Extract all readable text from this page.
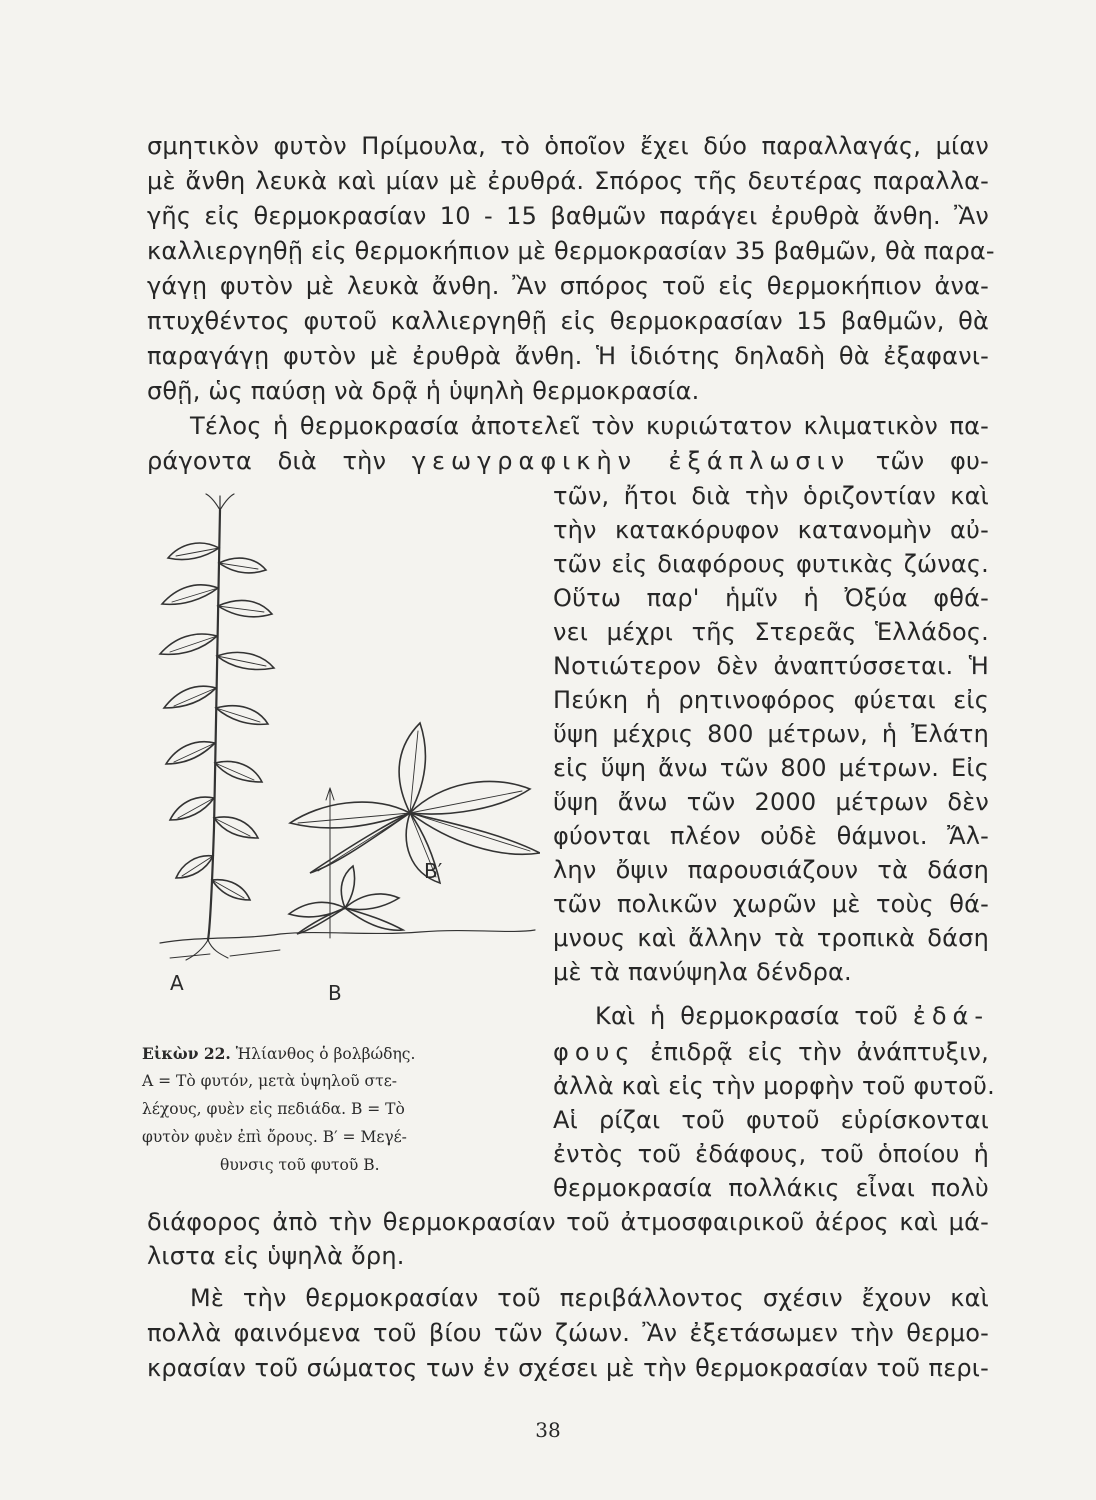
σμητικὸν φυτὸν Πρίμουλα, τὸ ὁποῖον ἔχει δύο παραλλαγάς, μίαν
μὲ ἄνθη λευκὰ καὶ μίαν μὲ ἐρυθρά. Σπόρος τῆς δευτέρας παραλλα-
γῆς εἰς θερμοκρασίαν 10 - 15 βαθμῶν παράγει ἐρυθρὰ ἄνθη. Ἂν
καλλιεργηθῇ εἰς θερμοκήπιον μὲ θερμοκρασίαν 35 βαθμῶν, θὰ παρα-
γάγῃ φυτὸν μὲ λευκὰ ἄνθη. Ἂν σπόρος τοῦ εἰς θερμοκήπιον ἀνα-
πτυχθέντος φυτοῦ καλλιεργηθῇ εἰς θερμοκρασίαν 15 βαθμῶν, θὰ
παραγάγῃ φυτὸν μὲ ἐρυθρὰ ἄνθη. Ἡ ἰδιότης δηλαδὴ θὰ ἐξαφανι-
σθῇ, ὡς παύσῃ νὰ δρᾷ ἡ ὑψηλὴ θερμοκρασία.
Τέλος ἡ θερμοκρασία ἀποτελεῖ τὸν κυριώτατον κλιματικὸν πα-
ράγοντα διὰ τὴν γεωγραφικὴν ἐξάπλωσιν τῶν φυ-
τῶν, ἤτοι διὰ τὴν ὁριζοντίαν καὶ
τὴν κατακόρυφον κατανομὴν αὐ-
τῶν εἰς διαφόρους φυτικὰς ζώνας.
Οὕτω παρ' ἡμῖν ἡ Ὀξύα φθά-
νει μέχρι τῆς Στερεᾶς Ἑλλάδος.
Νοτιώτερον δὲν ἀναπτύσσεται. Ἡ
Πεύκη ἡ ρητινοφόρος φύεται εἰς
ὕψη μέχρις 800 μέτρων, ἡ Ἐλάτη
εἰς ὕψη ἄνω τῶν 800 μέτρων. Εἰς
ὕψη ἄνω τῶν 2000 μέτρων δὲν
φύονται πλέον οὐδὲ θάμνοι. Ἄλ-
λην ὄψιν παρουσιάζουν τὰ δάση
τῶν πολικῶν χωρῶν μὲ τοὺς θά-
μνους καὶ ἄλλην τὰ τροπικὰ δάση
μὲ τὰ πανύψηλα δένδρα.
Καὶ ἡ θερμοκρασία τοῦ ἐδά-
φους ἐπιδρᾷ εἰς τὴν ἀνάπτυξιν,
ἀλλὰ καὶ εἰς τὴν μορφὴν τοῦ φυτοῦ.
Αἱ ρίζαι τοῦ φυτοῦ εὑρίσκονται
ἐντὸς τοῦ ἐδάφους, τοῦ ὁποίου ἡ
θερμοκρασία πολλάκις εἶναι πολὺ
διάφορος ἀπὸ τὴν θερμοκρασίαν τοῦ ἀτμοσφαιρικοῦ ἀέρος καὶ μά-
λιστα εἰς ὑψηλὰ ὄρη.
Μὲ τὴν θερμοκρασίαν τοῦ περιβάλλοντος σχέσιν ἔχουν καὶ
πολλὰ φαινόμενα τοῦ βίου τῶν ζώων. Ἂν ἐξετάσωμεν τὴν θερμο-
κρασίαν τοῦ σώματος των ἐν σχέσει μὲ τὴν θερμοκρασίαν τοῦ περι-
A	B
B′
Εἰκὼν 22. Ἡλίανθος ὁ βολβώδης.
A = Τὸ φυτόν, μετὰ ὑψηλοῦ στε-
λέχους, φυὲν εἰς πεδιάδα. B = Τὸ
φυτὸν φυὲν ἐπὶ ὄρους. B′ = Μεγέ-
θυνσις τοῦ φυτοῦ B.
38
